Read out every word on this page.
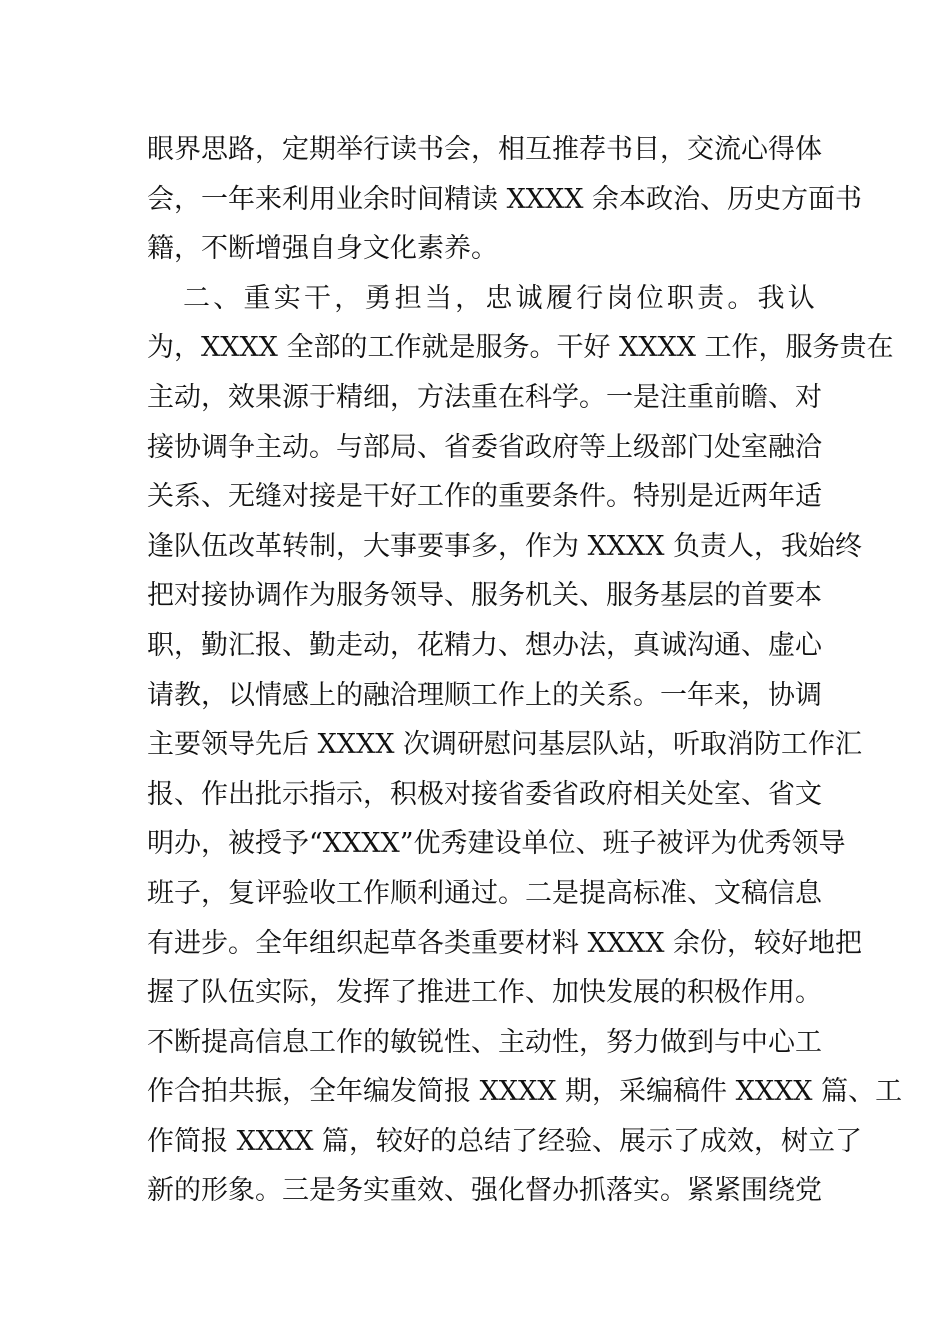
眼界思路，定期举行读书会，相互推荐书目，交流心得体
会，一年来利用业余时间精读 XXXX 余本政治、历史方面书
籍，不断增强自身文化素养。
二、重实干，勇担当，忠诚履行岗位职责。我认
为，XXXX 全部的工作就是服务。干好 XXXX 工作，服务贵在
主动，效果源于精细，方法重在科学。一是注重前瞻、对
接协调争主动。与部局、省委省政府等上级部门处室融洽
关系、无缝对接是干好工作的重要条件。特别是近两年适
逢队伍改革转制，大事要事多，作为 XXXX 负责人，我始终
把对接协调作为服务领导、服务机关、服务基层的首要本
职，勤汇报、勤走动，花精力、想办法，真诚沟通、虚心
请教，以情感上的融洽理顺工作上的关系。一年来，协调
主要领导先后 XXXX 次调研慰问基层队站，听取消防工作汇
报、作出批示指示，积极对接省委省政府相关处室、省文
明办，被授予“XXXX”优秀建设单位、班子被评为优秀领导
班子，复评验收工作顺利通过。二是提高标准、文稿信息
有进步。全年组织起草各类重要材料 XXXX 余份，较好地把
握了队伍实际，发挥了推进工作、加快发展的积极作用。
不断提高信息工作的敏锐性、主动性，努力做到与中心工
作合拍共振，全年编发简报 XXXX 期，采编稿件 XXXX 篇、工
作简报 XXXX 篇，较好的总结了经验、展示了成效，树立了
新的形象。三是务实重效、强化督办抓落实。紧紧围绕党
